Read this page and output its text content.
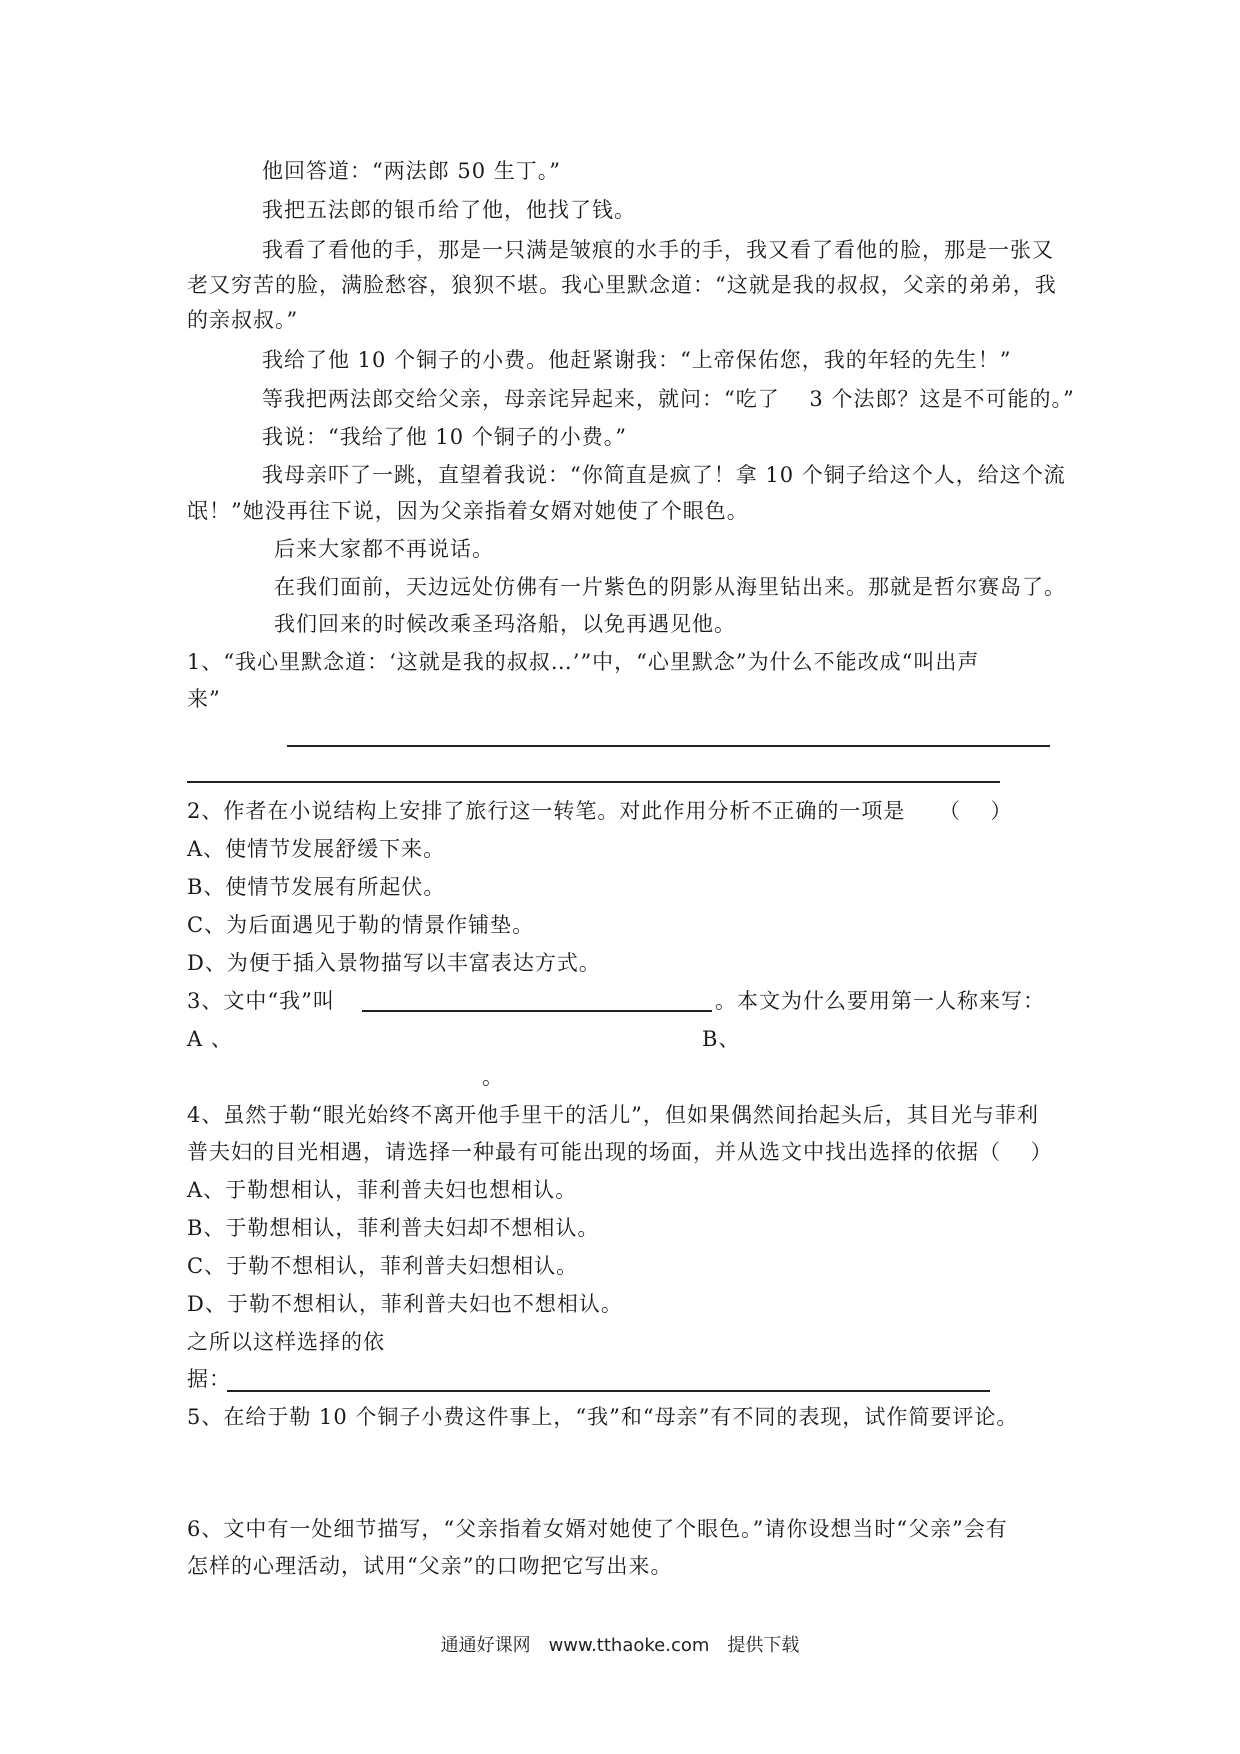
他回答道：“两法郎 50 生丁。”
我把五法郎的银币给了他，他找了钱。
我看了看他的手，那是一只满是皱痕的水手的手，我又看了看他的脸，那是一张又
老又穷苦的脸，满脸愁容，狼狈不堪。我心里默念道：“这就是我的叔叔，父亲的弟弟，我
的亲叔叔。”
我给了他 10 个铜子的小费。他赶紧谢我：“上帝保佑您，我的年轻的先生！”
等我把两法郎交给父亲，母亲诧异起来，就问：“吃了　 3 个法郎？这是不可能的。”
我说：“我给了他 10 个铜子的小费。”
我母亲吓了一跳，直望着我说：“你简直是疯了！拿 10 个铜子给这个人，给这个流
氓！”她没再往下说，因为父亲指着女婿对她使了个眼色。
后来大家都不再说话。
在我们面前，天边远处仿佛有一片紫色的阴影从海里钻出来。那就是哲尔赛岛了。
我们回来的时候改乘圣玛洛船，以免再遇见他。
1、“我心里默念道：‘这就是我的叔叔…’”中，“心里默念”为什么不能改成“叫出声
来”
2、作者在小说结构上安排了旅行这一转笔。对此作用分析不正确的一项是　　（　 ）
A、使情节发展舒缓下来。
B、使情节发展有所起伏。
C、为后面遇见于勒的情景作铺垫。
D、为便于插入景物描写以丰富表达方式。
3、文中“我”叫	。本文为什么要用第一人称来写：
A 、	B、
。
4、虽然于勒“眼光始终不离开他手里干的活儿”，但如果偶然间抬起头后，其目光与菲利
普夫妇的目光相遇，请选择一种最有可能出现的场面，并从选文中找出选择的依据（　 ）
A、于勒想相认，菲利普夫妇也想相认。
B、于勒想相认，菲利普夫妇却不想相认。
C、于勒不想相认，菲利普夫妇想相认。
D、于勒不想相认，菲利普夫妇也不想相认。
之所以这样选择的依
据：
5、在给于勒 10 个铜子小费这件事上，“我”和“母亲”有不同的表现，试作简要评论。
6、文中有一处细节描写，“父亲指着女婿对她使了个眼色。”请你设想当时“父亲”会有
怎样的心理活动，试用“父亲”的口吻把它写出来。
通通好课网　www.tthaoke.com　提供下载
